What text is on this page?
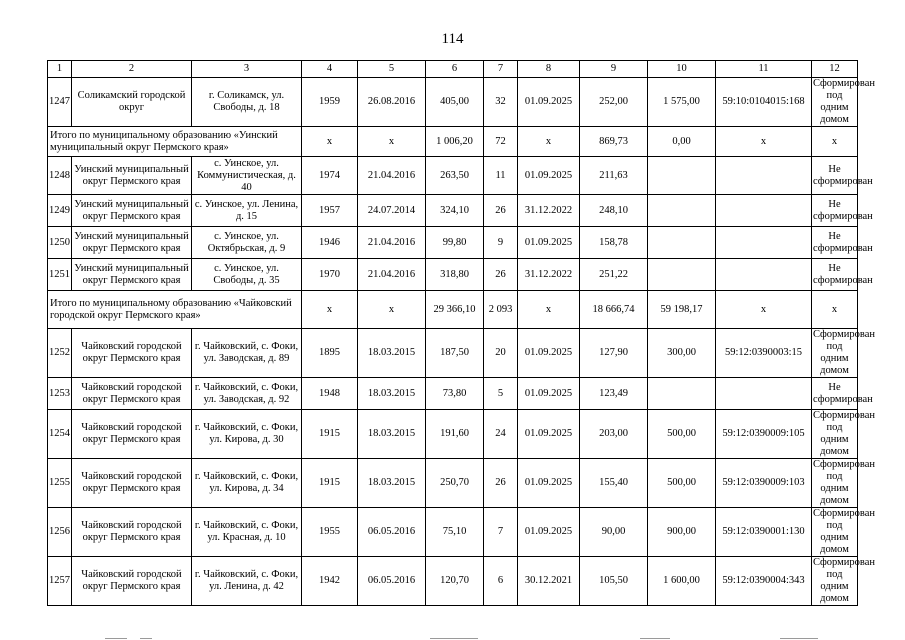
114
1	2	3	4	5	6	7	8	9	10	11	12
1247	Соликамский городской округ	г. Соликамск, ул. Свободы, д. 18	1959	26.08.2016	405,00	32	01.09.2025	252,00	1 575,00	59:10:0104015:168	Сформирован под одним домом
Итого по муниципальному образованию «Уинский муниципальный округ Пермского края»			x	x	1 006,20	72	x	869,73	0,00	x	x
1248	Уинский муниципальный округ Пермского края	с. Уинское, ул. Коммунистическая, д. 40	1974	21.04.2016	263,50	11	01.09.2025	211,63			Не сформирован
1249	Уинский муниципальный округ Пермского края	с. Уинское, ул. Ленина, д. 15	1957	24.07.2014	324,10	26	31.12.2022	248,10			Не сформирован
1250	Уинский муниципальный округ Пермского края	с. Уинское, ул. Октябрьская, д. 9	1946	21.04.2016	99,80	9	01.09.2025	158,78			Не сформирован
1251	Уинский муниципальный округ Пермского края	с. Уинское, ул. Свободы, д. 35	1970	21.04.2016	318,80	26	31.12.2022	251,22			Не сформирован
Итого по муниципальному образованию «Чайковский городской округ Пермского края»			x	x	29 366,10	2 093	x	18 666,74	59 198,17	x	x
1252	Чайковский городской округ Пермского края	г. Чайковский, с. Фоки, ул. Заводская, д. 89	1895	18.03.2015	187,50	20	01.09.2025	127,90	300,00	59:12:0390003:15	Сформирован под одним домом
1253	Чайковский городской округ Пермского края	г. Чайковский, с. Фоки, ул. Заводская, д. 92	1948	18.03.2015	73,80	5	01.09.2025	123,49			Не сформирован
1254	Чайковский городской округ Пермского края	г. Чайковский, с. Фоки, ул. Кирова, д. 30	1915	18.03.2015	191,60	24	01.09.2025	203,00	500,00	59:12:0390009:105	Сформирован под одним домом
1255	Чайковский городской округ Пермского края	г. Чайковский, с. Фоки, ул. Кирова, д. 34	1915	18.03.2015	250,70	26	01.09.2025	155,40	500,00	59:12:0390009:103	Сформирован под одним домом
1256	Чайковский городской округ Пермского края	г. Чайковский, с. Фоки, ул. Красная, д. 10	1955	06.05.2016	75,10	7	01.09.2025	90,00	900,00	59:12:0390001:130	Сформирован под одним домом
1257	Чайковский городской округ Пермского края	г. Чайковский, с. Фоки, ул. Ленина, д. 42	1942	06.05.2016	120,70	6	30.12.2021	105,50	1 600,00	59:12:0390004:343	Сформирован под одним домом
